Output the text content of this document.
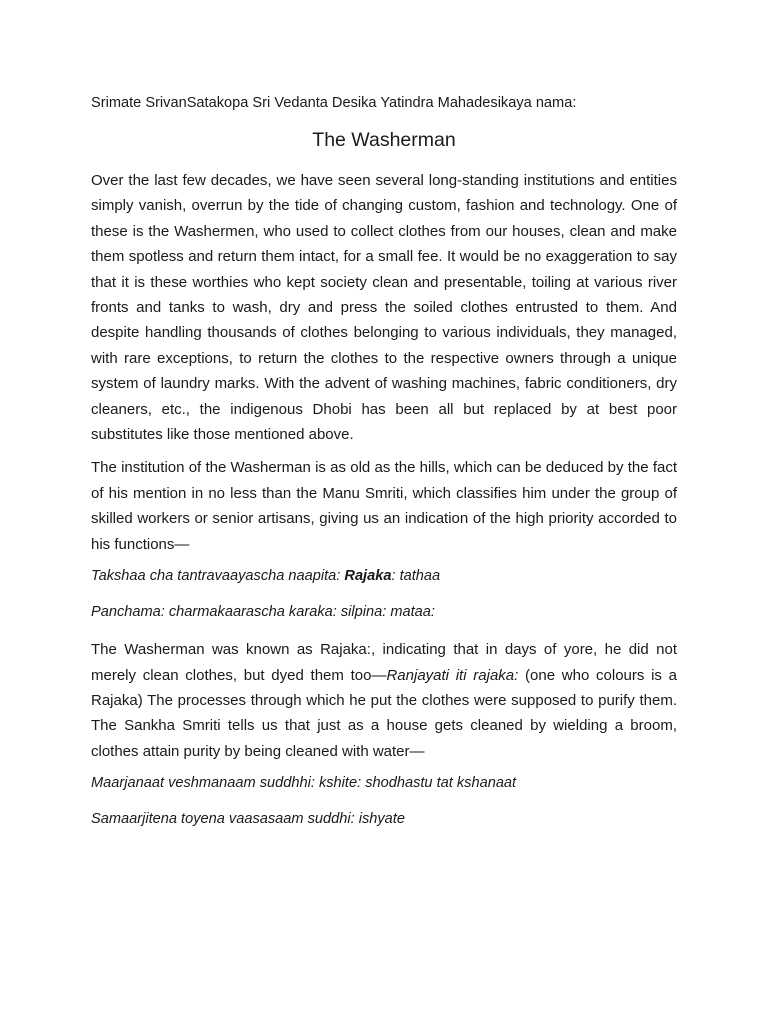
Srimate SrivanSatakopa Sri Vedanta Desika Yatindra Mahadesikaya nama:

The Washerman

Over the last few decades, we have seen several long-standing institutions and entities simply vanish, overrun by the tide of changing custom, fashion and technology. One of these is the Washermen, who used to collect clothes from our houses, clean and make them spotless and return them intact, for a small fee. It would be no exaggeration to say that it is these worthies who kept society clean and presentable, toiling at various river fronts and tanks to wash, dry and press the soiled clothes entrusted to them. And despite handling thousands of clothes belonging to various individuals, they managed, with rare exceptions, to return the clothes to the respective owners through a unique system of laundry marks. With the advent of washing machines, fabric conditioners, dry cleaners, etc., the indigenous Dhobi has been all but replaced by at best poor substitutes like those mentioned above.

The institution of the Washerman is as old as the hills, which can be deduced by the fact of his mention in no less than the Manu Smriti, which classifies him under the group of skilled workers or senior artisans, giving us an indication of the high priority accorded to his functions—

Takshaa cha tantravaayascha naapita: Rajaka: tathaa

Panchama: charmakaarascha karaka: silpina: mataa:

The Washerman was known as Rajaka:, indicating that in days of yore, he did not merely clean clothes, but dyed them too—Ranjayati iti rajaka: (one who colours is a Rajaka) The processes through which he put the clothes were supposed to purify them. The Sankha Smriti tells us that just as a house gets cleaned by wielding a broom, clothes attain purity by being cleaned with water—

Maarjanaat veshmanaam suddhhi: kshite: shodhastu tat kshanaat

Samaarjitena toyena vaasasaam suddhi: ishyate
